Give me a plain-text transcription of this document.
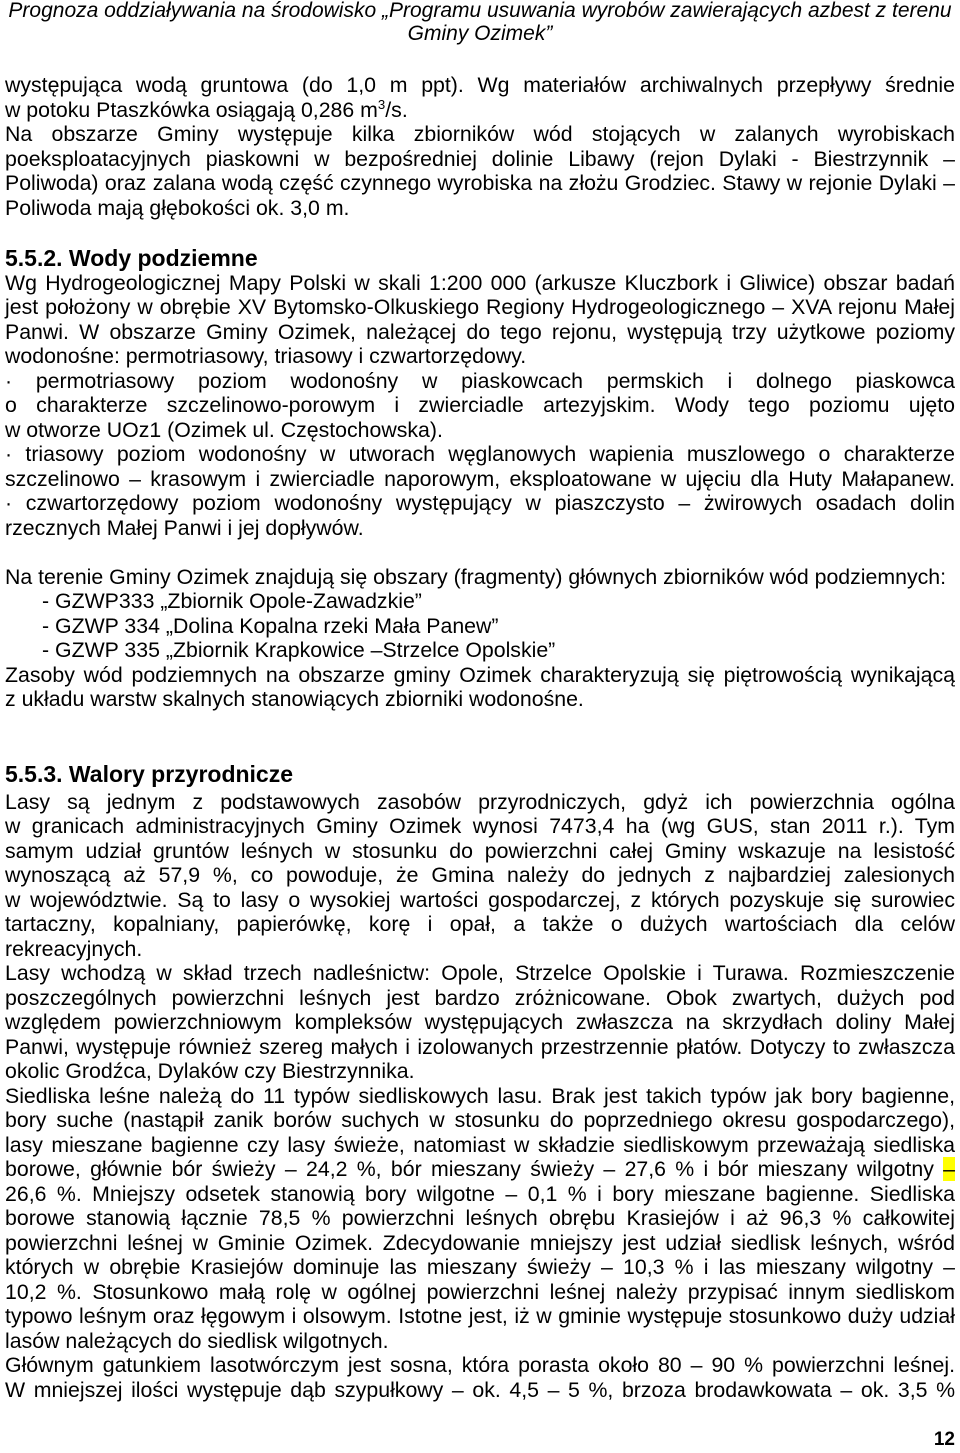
Prognoza oddziaływania na środowisko „Programu usuwania wyrobów zawierających azbest z terenu
Gminy Ozimek”
występująca wodą gruntowa (do 1,0 m ppt). Wg materiałów archiwalnych przepływy średnie
w potoku Ptaszkówka osiągają 0,286 $m^3/s$.
Na obszarze Gminy występuje kilka zbiorników wód stojących w zalanych wyrobiskach
poeksploatacyjnych piaskowni w bezpośredniej dolinie Libawy (rejon Dylaki - Biestrzynnik –
Poliwoda) oraz zalana wodą część czynnego wyrobiska na złożu Grodziec. Stawy w rejonie Dylaki –
Poliwoda mają głębokości ok. 3,0 m.
5.5.2. Wody podziemne
Wg Hydrogeologicznej Mapy Polski w skali 1:200 000 (arkusze Kluczbork i Gliwice) obszar badań
jest położony w obrębie XV Bytomsko-Olkuskiego Regiony Hydrogeologicznego – XVA rejonu Małej
Panwi. W obszarze Gminy Ozimek, należącej do tego rejonu, występują trzy użytkowe poziomy
wodonośne: permotriasowy, triasowy i czwartorzędowy.
· permotriasowy poziom wodonośny w piaskowcach permskich i dolnego piaskowca
o charakterze szczelinowo-porowym i zwierciadle artezyjskim. Wody tego poziomu ujęto
w otworze UOz1 (Ozimek ul. Częstochowska).
· triasowy poziom wodonośny w utworach węglanowych wapienia muszlowego o charakterze
szczelinowo – krasowym i zwierciadle naporowym, eksploatowane w ujęciu dla Huty Małapanew.
· czwartorzędowy poziom wodonośny występujący w piaszczysto – żwirowych osadach dolin
rzecznych Małej Panwi i jej dopływów.
Na terenie Gminy Ozimek znajdują się obszary (fragmenty) głównych zbiorników wód podziemnych:
- GZWP333 „Zbiornik Opole-Zawadzkie”
- GZWP 334 „Dolina Kopalna rzeki Mała Panew”
- GZWP 335 „Zbiornik Krapkowice –Strzelce Opolskie”
Zasoby wód podziemnych na obszarze gminy Ozimek charakteryzują się piętrowością wynikającą
z układu warstw skalnych stanowiących zbiorniki wodonośne.
5.5.3. Walory przyrodnicze
Lasy są jednym z podstawowych zasobów przyrodniczych, gdyż ich powierzchnia ogólna
w granicach administracyjnych Gminy Ozimek wynosi 7473,4 ha (wg GUS, stan 2011 r.). Tym
samym udział gruntów leśnych w stosunku do powierzchni całej Gminy wskazuje na lesistość
wynoszącą aż 57,9 %, co powoduje, że Gmina należy do jednych z najbardziej zalesionych
w województwie. Są to lasy o wysokiej wartości gospodarczej, z których pozyskuje się surowiec
tartaczny, kopalniany, papierówkę, korę i opał, a także o dużych wartościach dla celów
rekreacyjnych.
Lasy wchodzą w skład trzech nadleśnictw: Opole, Strzelce Opolskie i Turawa. Rozmieszczenie
poszczególnych powierzchni leśnych jest bardzo zróżnicowane. Obok zwartych, dużych pod
względem powierzchniowym kompleksów występujących zwłaszcza na skrzydłach doliny Małej
Panwi, występuje również szereg małych i izolowanych przestrzennie płatów. Dotyczy to zwłaszcza
okolic Grodźca, Dylaków czy Biestrzynnika.
Siedliska leśne należą do 11 typów siedliskowych lasu. Brak jest takich typów jak bory bagienne,
bory suche (nastąpił zanik borów suchych w stosunku do poprzedniego okresu gospodarczego),
lasy mieszane bagienne czy lasy świeże, natomiast w składzie siedliskowym przeważają siedliska
borowe, głównie bór świeży – 24,2 %, bór mieszany świeży – 27,6 % i bór mieszany wilgotny –
26,6 %. Mniejszy odsetek stanowią bory wilgotne – 0,1 % i bory mieszane bagienne. Siedliska
borowe stanowią łącznie 78,5 % powierzchni leśnych obrębu Krasiejów i aż 96,3 % całkowitej
powierzchni leśnej w Gminie Ozimek. Zdecydowanie mniejszy jest udział siedlisk leśnych, wśród
których w obrębie Krasiejów dominuje las mieszany świeży – 10,3 % i las mieszany wilgotny –
10,2 %. Stosunkowo małą rolę w ogólnej powierzchni leśnej należy przypisać innym siedliskom
typowo leśnym oraz łęgowym i olsowym. Istotne jest, iż w gminie występuje stosunkowo duży udział
lasów należących do siedlisk wilgotnych.
Głównym gatunkiem lasotwórczym jest sosna, która porasta około 80 – 90 % powierzchni leśnej.
W mniejszej ilości występuje dąb szypułkowy – ok. 4,5 – 5 %, brzoza brodawkowata – ok. 3,5 %
12
